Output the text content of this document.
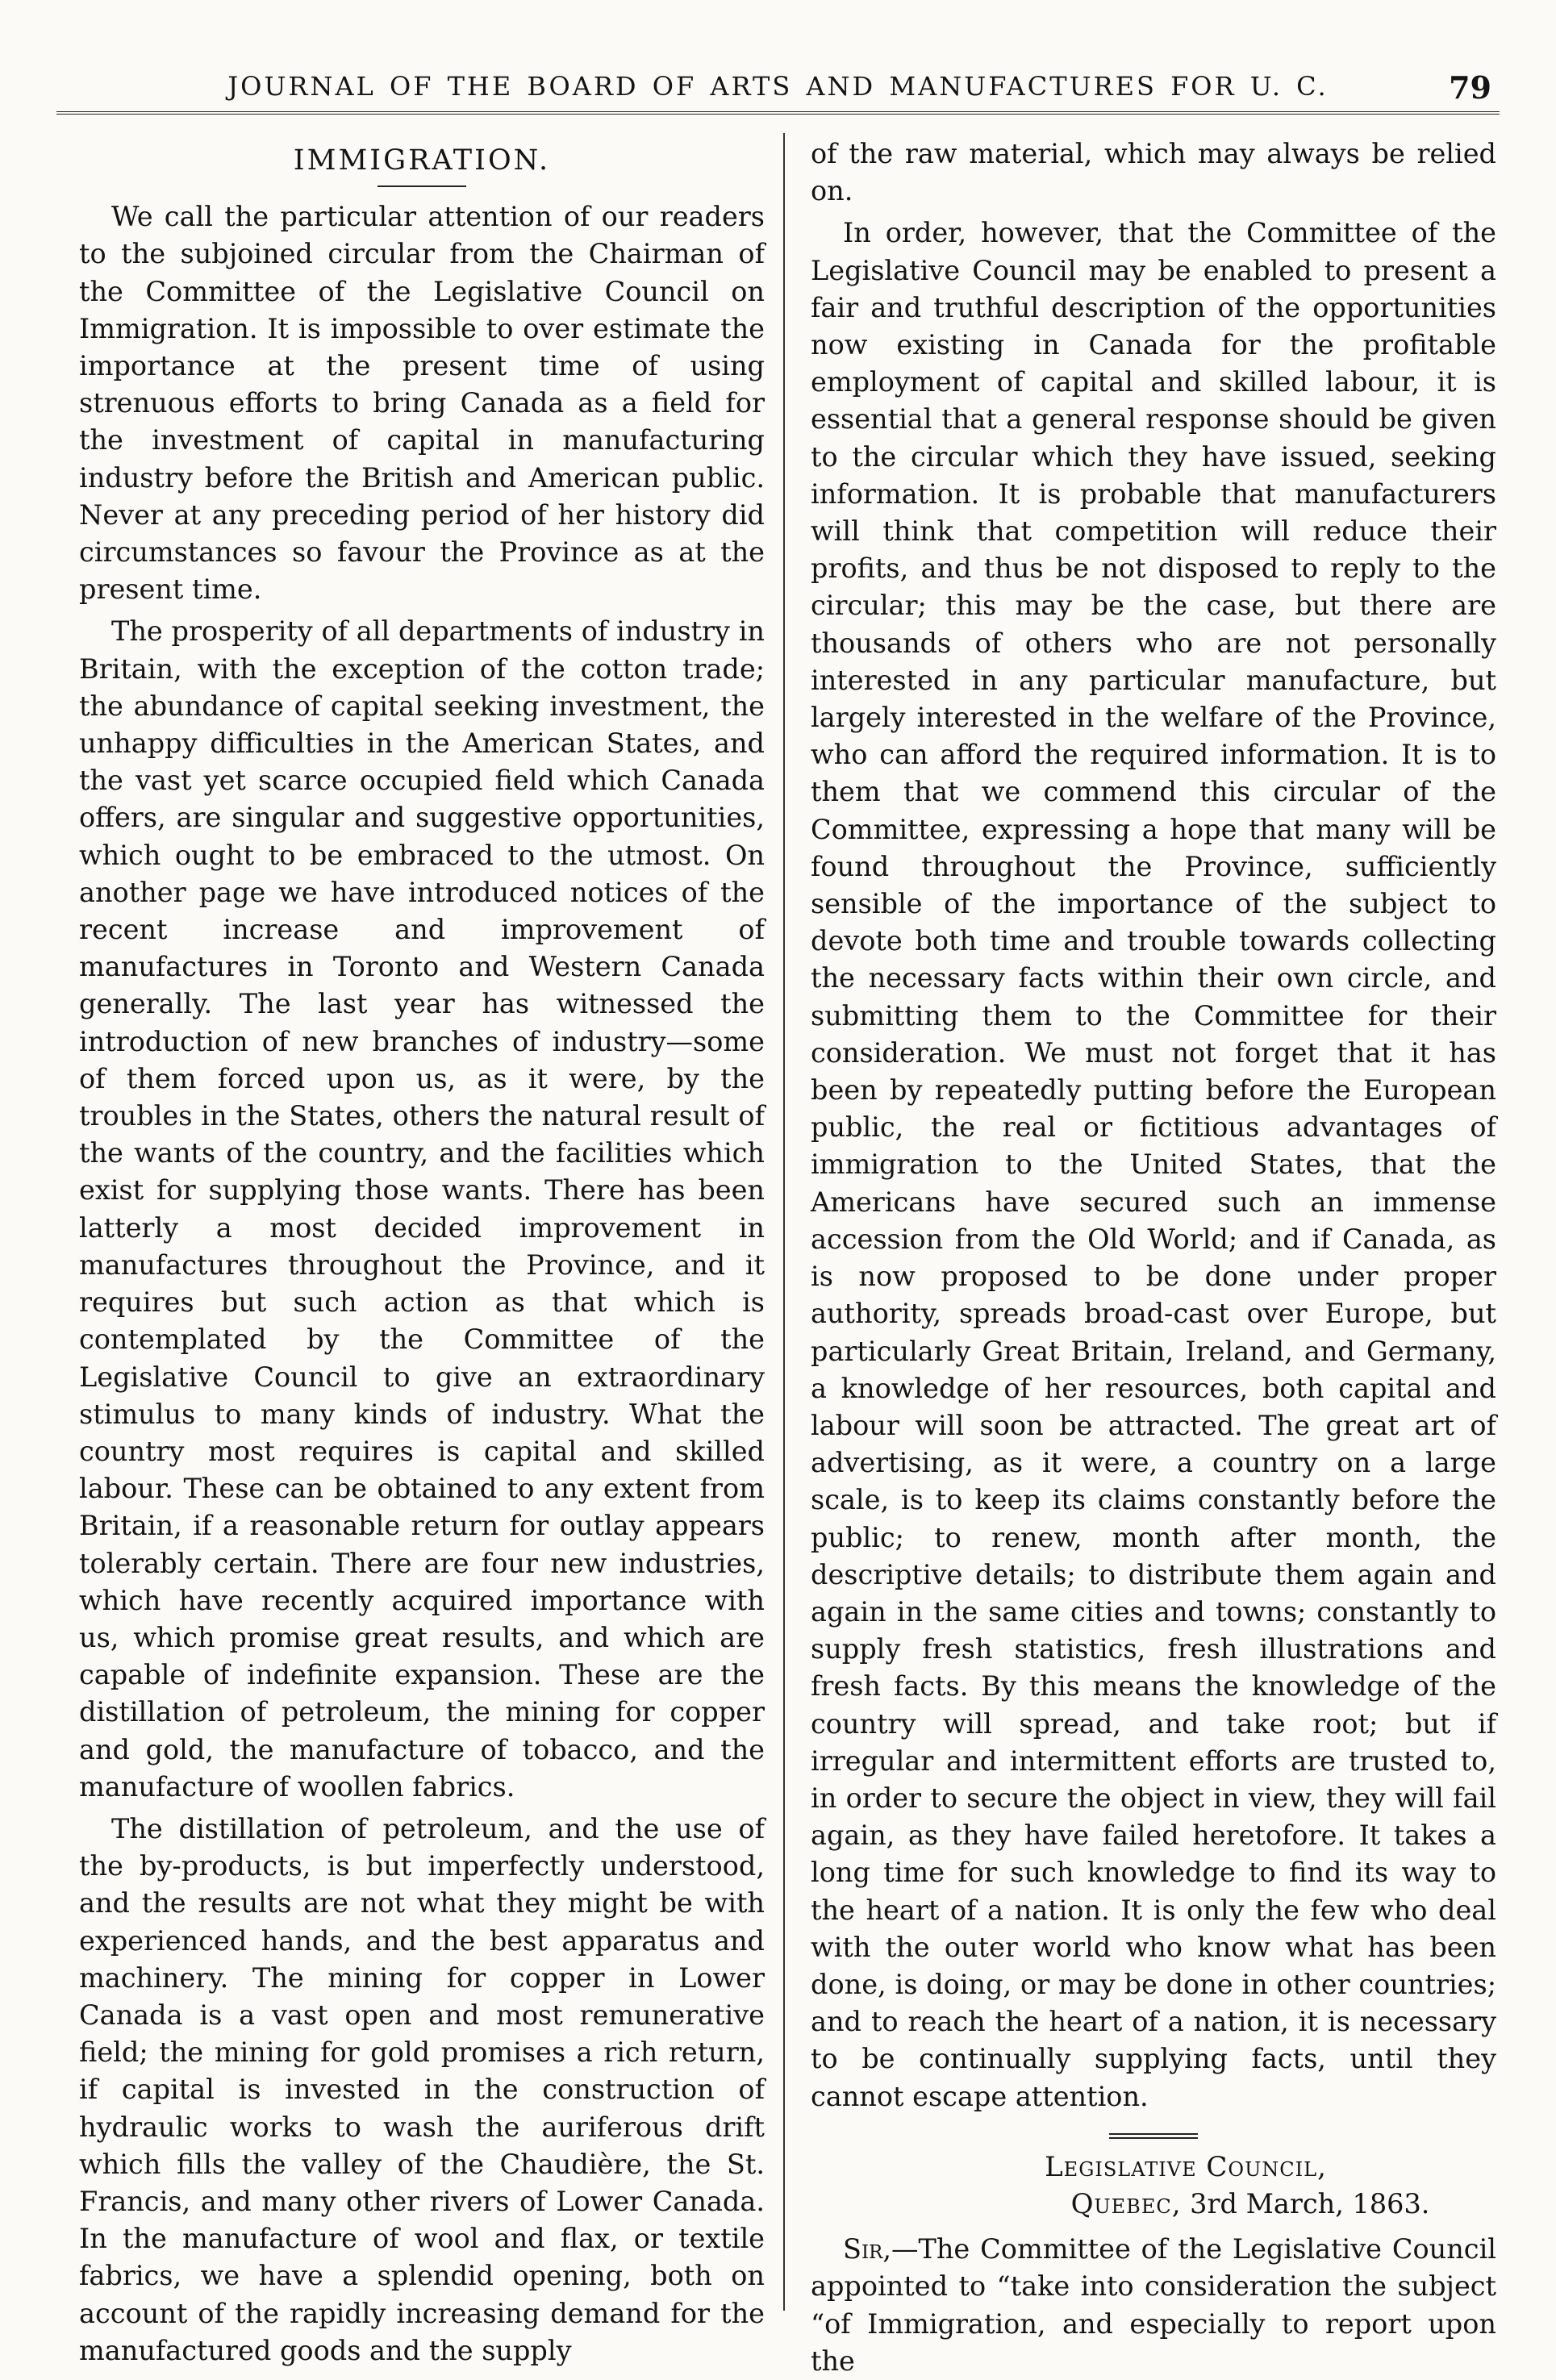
JOURNAL OF THE BOARD OF ARTS AND MANUFACTURES FOR U. C.	79
IMMIGRATION.

We call the particular attention of our readers to the subjoined circular from the Chairman of the Committee of the Legislative Council on Immigration. It is impossible to over estimate the importance at the present time of using strenuous efforts to bring Canada as a field for the investment of capital in manufacturing industry before the British and American public. Never at any preceding period of her history did circumstances so favour the Province as at the present time.

The prosperity of all departments of industry in Britain, with the exception of the cotton trade; the abundance of capital seeking investment, the unhappy difficulties in the American States, and the vast yet scarce occupied field which Canada offers, are singular and suggestive opportunities, which ought to be embraced to the utmost. On another page we have introduced notices of the recent increase and improvement of manufactures in Toronto and Western Canada generally. The last year has witnessed the introduction of new branches of industry—some of them forced upon us, as it were, by the troubles in the States, others the natural result of the wants of the country, and the facilities which exist for supplying those wants. There has been latterly a most decided improvement in manufactures throughout the Province, and it requires but such action as that which is contemplated by the Committee of the Legislative Council to give an extraordinary stimulus to many kinds of industry. What the country most requires is capital and skilled labour. These can be obtained to any extent from Britain, if a reasonable return for outlay appears tolerably certain. There are four new industries, which have recently acquired importance with us, which promise great results, and which are capable of indefinite expansion. These are the distillation of petroleum, the mining for copper and gold, the manufacture of tobacco, and the manufacture of woollen fabrics.

The distillation of petroleum, and the use of the by-products, is but imperfectly understood, and the results are not what they might be with experienced hands, and the best apparatus and machinery. The mining for copper in Lower Canada is a vast open and most remunerative field; the mining for gold promises a rich return, if capital is invested in the construction of hydraulic works to wash the auriferous drift which fills the valley of the Chaudière, the St. Francis, and many other rivers of Lower Canada. In the manufacture of wool and flax, or textile fabrics, we have a splendid opening, both on account of the rapidly increasing demand for the manufactured goods and the supply

of the raw material, which may always be relied on.

In order, however, that the Committee of the Legislative Council may be enabled to present a fair and truthful description of the opportunities now existing in Canada for the profitable employment of capital and skilled labour, it is essential that a general response should be given to the circular which they have issued, seeking information. It is probable that manufacturers will think that competition will reduce their profits, and thus be not disposed to reply to the circular; this may be the case, but there are thousands of others who are not personally interested in any particular manufacture, but largely interested in the welfare of the Province, who can afford the required information. It is to them that we commend this circular of the Committee, expressing a hope that many will be found throughout the Province, sufficiently sensible of the importance of the subject to devote both time and trouble towards collecting the necessary facts within their own circle, and submitting them to the Committee for their consideration. We must not forget that it has been by repeatedly putting before the European public, the real or fictitious advantages of immigration to the United States, that the Americans have secured such an immense accession from the Old World; and if Canada, as is now proposed to be done under proper authority, spreads broad-cast over Europe, but particularly Great Britain, Ireland, and Germany, a knowledge of her resources, both capital and labour will soon be attracted. The great art of advertising, as it were, a country on a large scale, is to keep its claims constantly before the public; to renew, month after month, the descriptive details; to distribute them again and again in the same cities and towns; constantly to supply fresh statistics, fresh illustrations and fresh facts. By this means the knowledge of the country will spread, and take root; but if irregular and intermittent efforts are trusted to, in order to secure the object in view, they will fail again, as they have failed heretofore. It takes a long time for such knowledge to find its way to the heart of a nation. It is only the few who deal with the outer world who know what has been done, is doing, or may be done in other countries; and to reach the heart of a nation, it is necessary to be continually supplying facts, until they cannot escape attention.

Legislative Council,

Quebec, 3rd March, 1863.

Sir,—The Committee of the Legislative Council appointed to “take into consideration the subject “of Immigration, and especially to report upon the
